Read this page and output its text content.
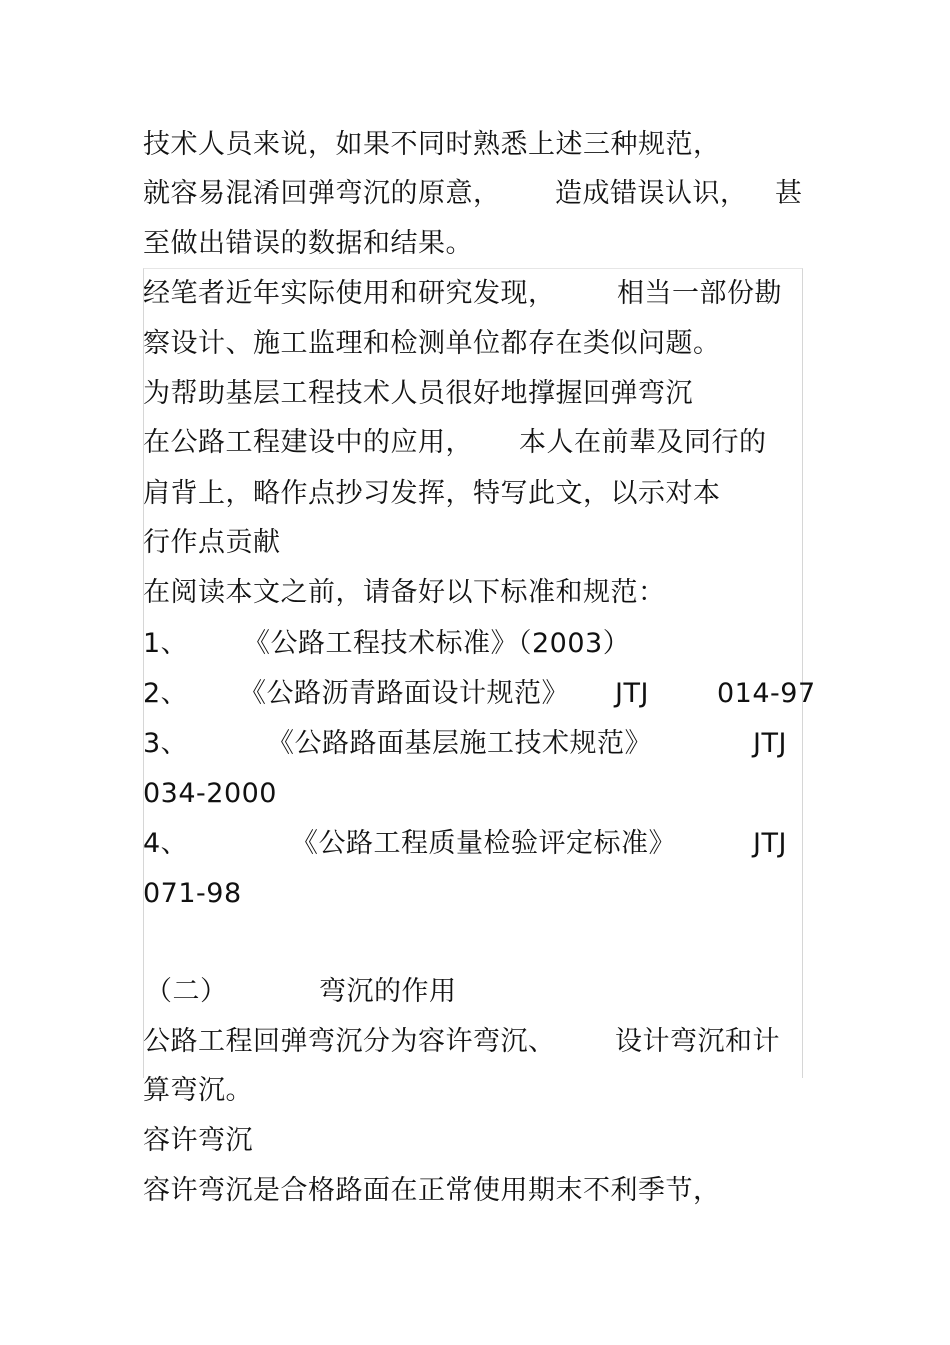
技术人员来说，如果不同时熟悉上述三种规范，
就容易混淆回弹弯沉的原意， 造成错误认识， 甚
至做出错误的数据和结果。
经笔者近年实际使用和研究发现， 相当一部份勘
察设计、施工监理和检测单位都存在类似问题。
为帮助基层工程技术人员很好地撑握回弹弯沉
在公路工程建设中的应用， 本人在前辈及同行的
肩背上，略作点抄习发挥，特写此文，以示对本
行作点贡献
在阅读本文之前，请备好以下标准和规范：
1、 《公路工程技术标准》（2003）
2、 《公路沥青路面设计规范》 JTJ	014-97
3、	《公路路面基层施工技术规范》	JTJ
034-2000
4、	《公路工程质量检验评定标准》	JTJ
071-98
（二）	弯沉的作用
公路工程回弹弯沉分为容许弯沉、 设计弯沉和计
算弯沉。
容许弯沉
容许弯沉是合格路面在正常使用期末不利季节，
